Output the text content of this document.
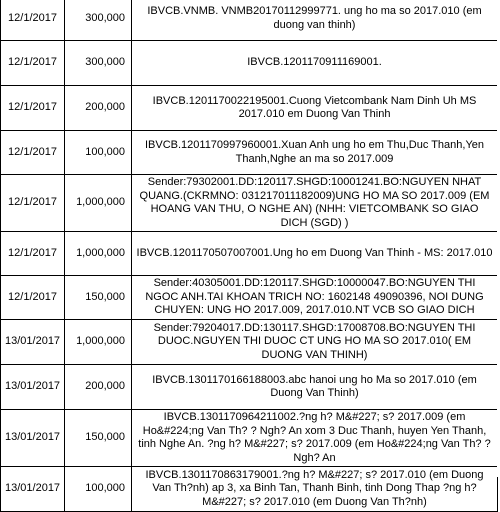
12/1/2017	300,000	IBVCB.VNMB. VNMB20170112999771. ung ho ma so 2017.010 (em duong van thinh)
12/1/2017	300,000	IBVCB.1201170911169001.
12/1/2017	200,000	IBVCB.1201170022195001.Cuong Vietcombank Nam Dinh Uh MS 2017.010 em Duong Van Thinh
12/1/2017	100,000	IBVCB.1201170997960001.Xuan Anh ung ho em Thu,Duc Thanh,Yen Thanh,Nghe an ma so 2017.009
12/1/2017	1,000,000	Sender:79302001.DD:120117.SHGD:10001241.BO:NGUYEN NHAT QUANG.(CKRMNO: 031217011182009)UNG HO MA SO 2017.009 (EM HOANG VAN THU, O NGHE AN) (NHH: VIETCOMBANK SO GIAO DICH (SGD) )
12/1/2017	1,000,000	IBVCB.1201170507007001.Ung ho em Duong Van Thinh - MS: 2017.010
12/1/2017	150,000	Sender:40305001.DD:120117.SHGD:10000047.BO:NGUYEN THI NGOC ANH.TAI KHOAN TRICH NO: 1602148 49090396, NOI DUNG CHUYEN: UNG HO 2017.009, 2017.010.NT VCB SO GIAO DICH
13/01/2017	1,000,000	Sender:79204017.DD:130117.SHGD:17008708.BO:NGUYEN THI DUOC.NGUYEN THI DUOC CT UNG HO MA SO 2017.010( EM DUONG VAN THINH)
13/01/2017	200,000	IBVCB.1301170166188003.abc hanoi ung ho Ma so 2017.010 (em Duong Van Thinh)
13/01/2017	150,000	IBVCB.1301170964211002.?ng h? M&#227; s? 2017.009 (em Ho&#224;ng Van Th? ? Ngh? An xom 3 Duc Thanh, huyen Yen Thanh, tinh Nghe An. ?ng h? M&#227; s? 2017.009 (em Ho&#224;ng Van Th? ? Ngh? An
13/01/2017	100,000	IBVCB.1301170863179001.?ng h? M&#227; s? 2017.010 (em Duong Van Th?nh) ap 3, xa Binh Tan, Thanh Binh, tinh Dong Thap ?ng h? M&#227; s? 2017.010 (em Duong Van Th?nh)
